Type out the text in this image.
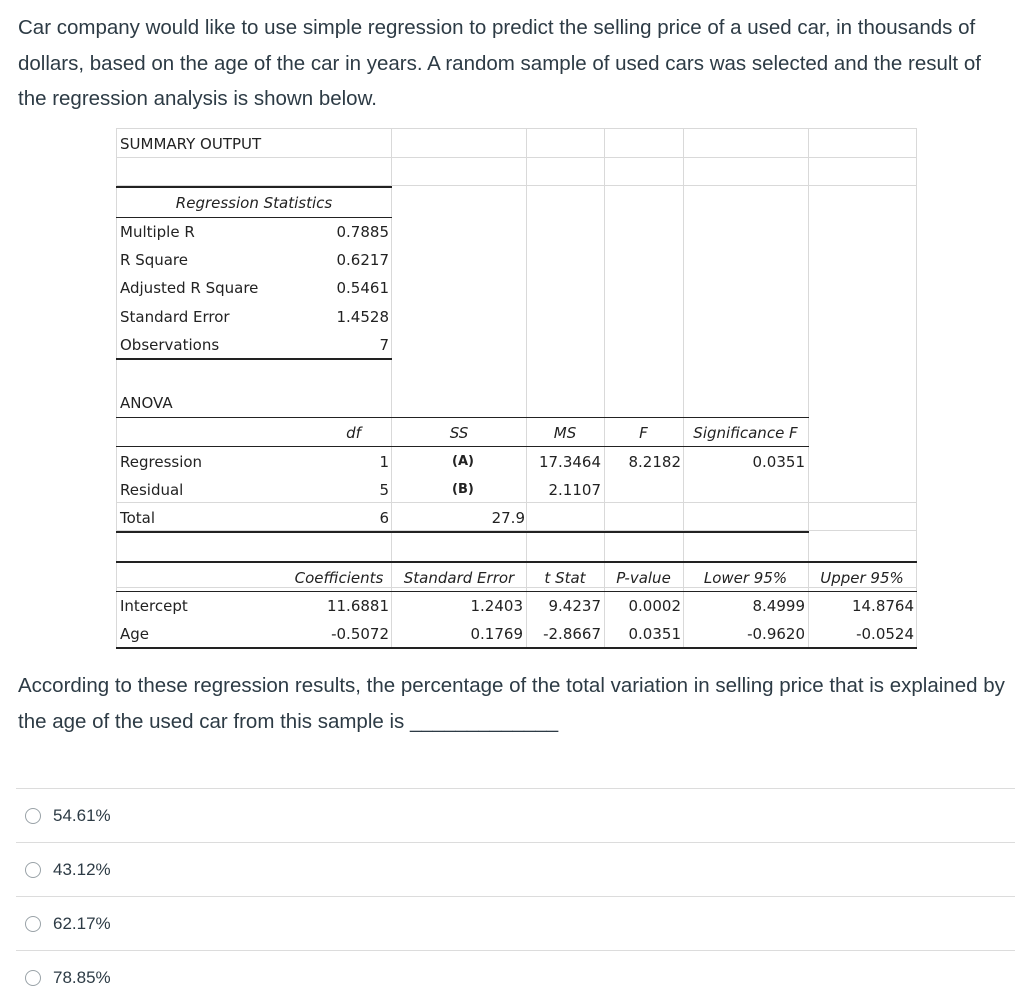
Car company would like to use simple regression to predict the selling price of a used car, in thousands of dollars, based on the age of the car in years. A random sample of used cars was selected and the result of the regression analysis is shown below.
SUMMARY OUTPUT
Regression Statistics
Multiple R	0.7885
R Square	0.6217
Adjusted R Square	0.5461
Standard Error	1.4528
Observations	7
ANOVA
df	SS	MS	F	Significance F
Regression	1	(A)	17.3464	8.2182	0.0351
Residual	5	(B)	2.1107
Total	6	27.9
Coefficients	Standard Error	t Stat	P-value	Lower 95%	Upper 95%
Intercept	11.6881	1.2403	9.4237	0.0002	8.4999	14.8764
Age	-0.5072	0.1769	-2.8667	0.0351	-0.9620	-0.0524
According to these regression results, the percentage of the total variation in selling price that is explained by the age of the used car from this sample is _____________
54.61%
43.12%
62.17%
78.85%
